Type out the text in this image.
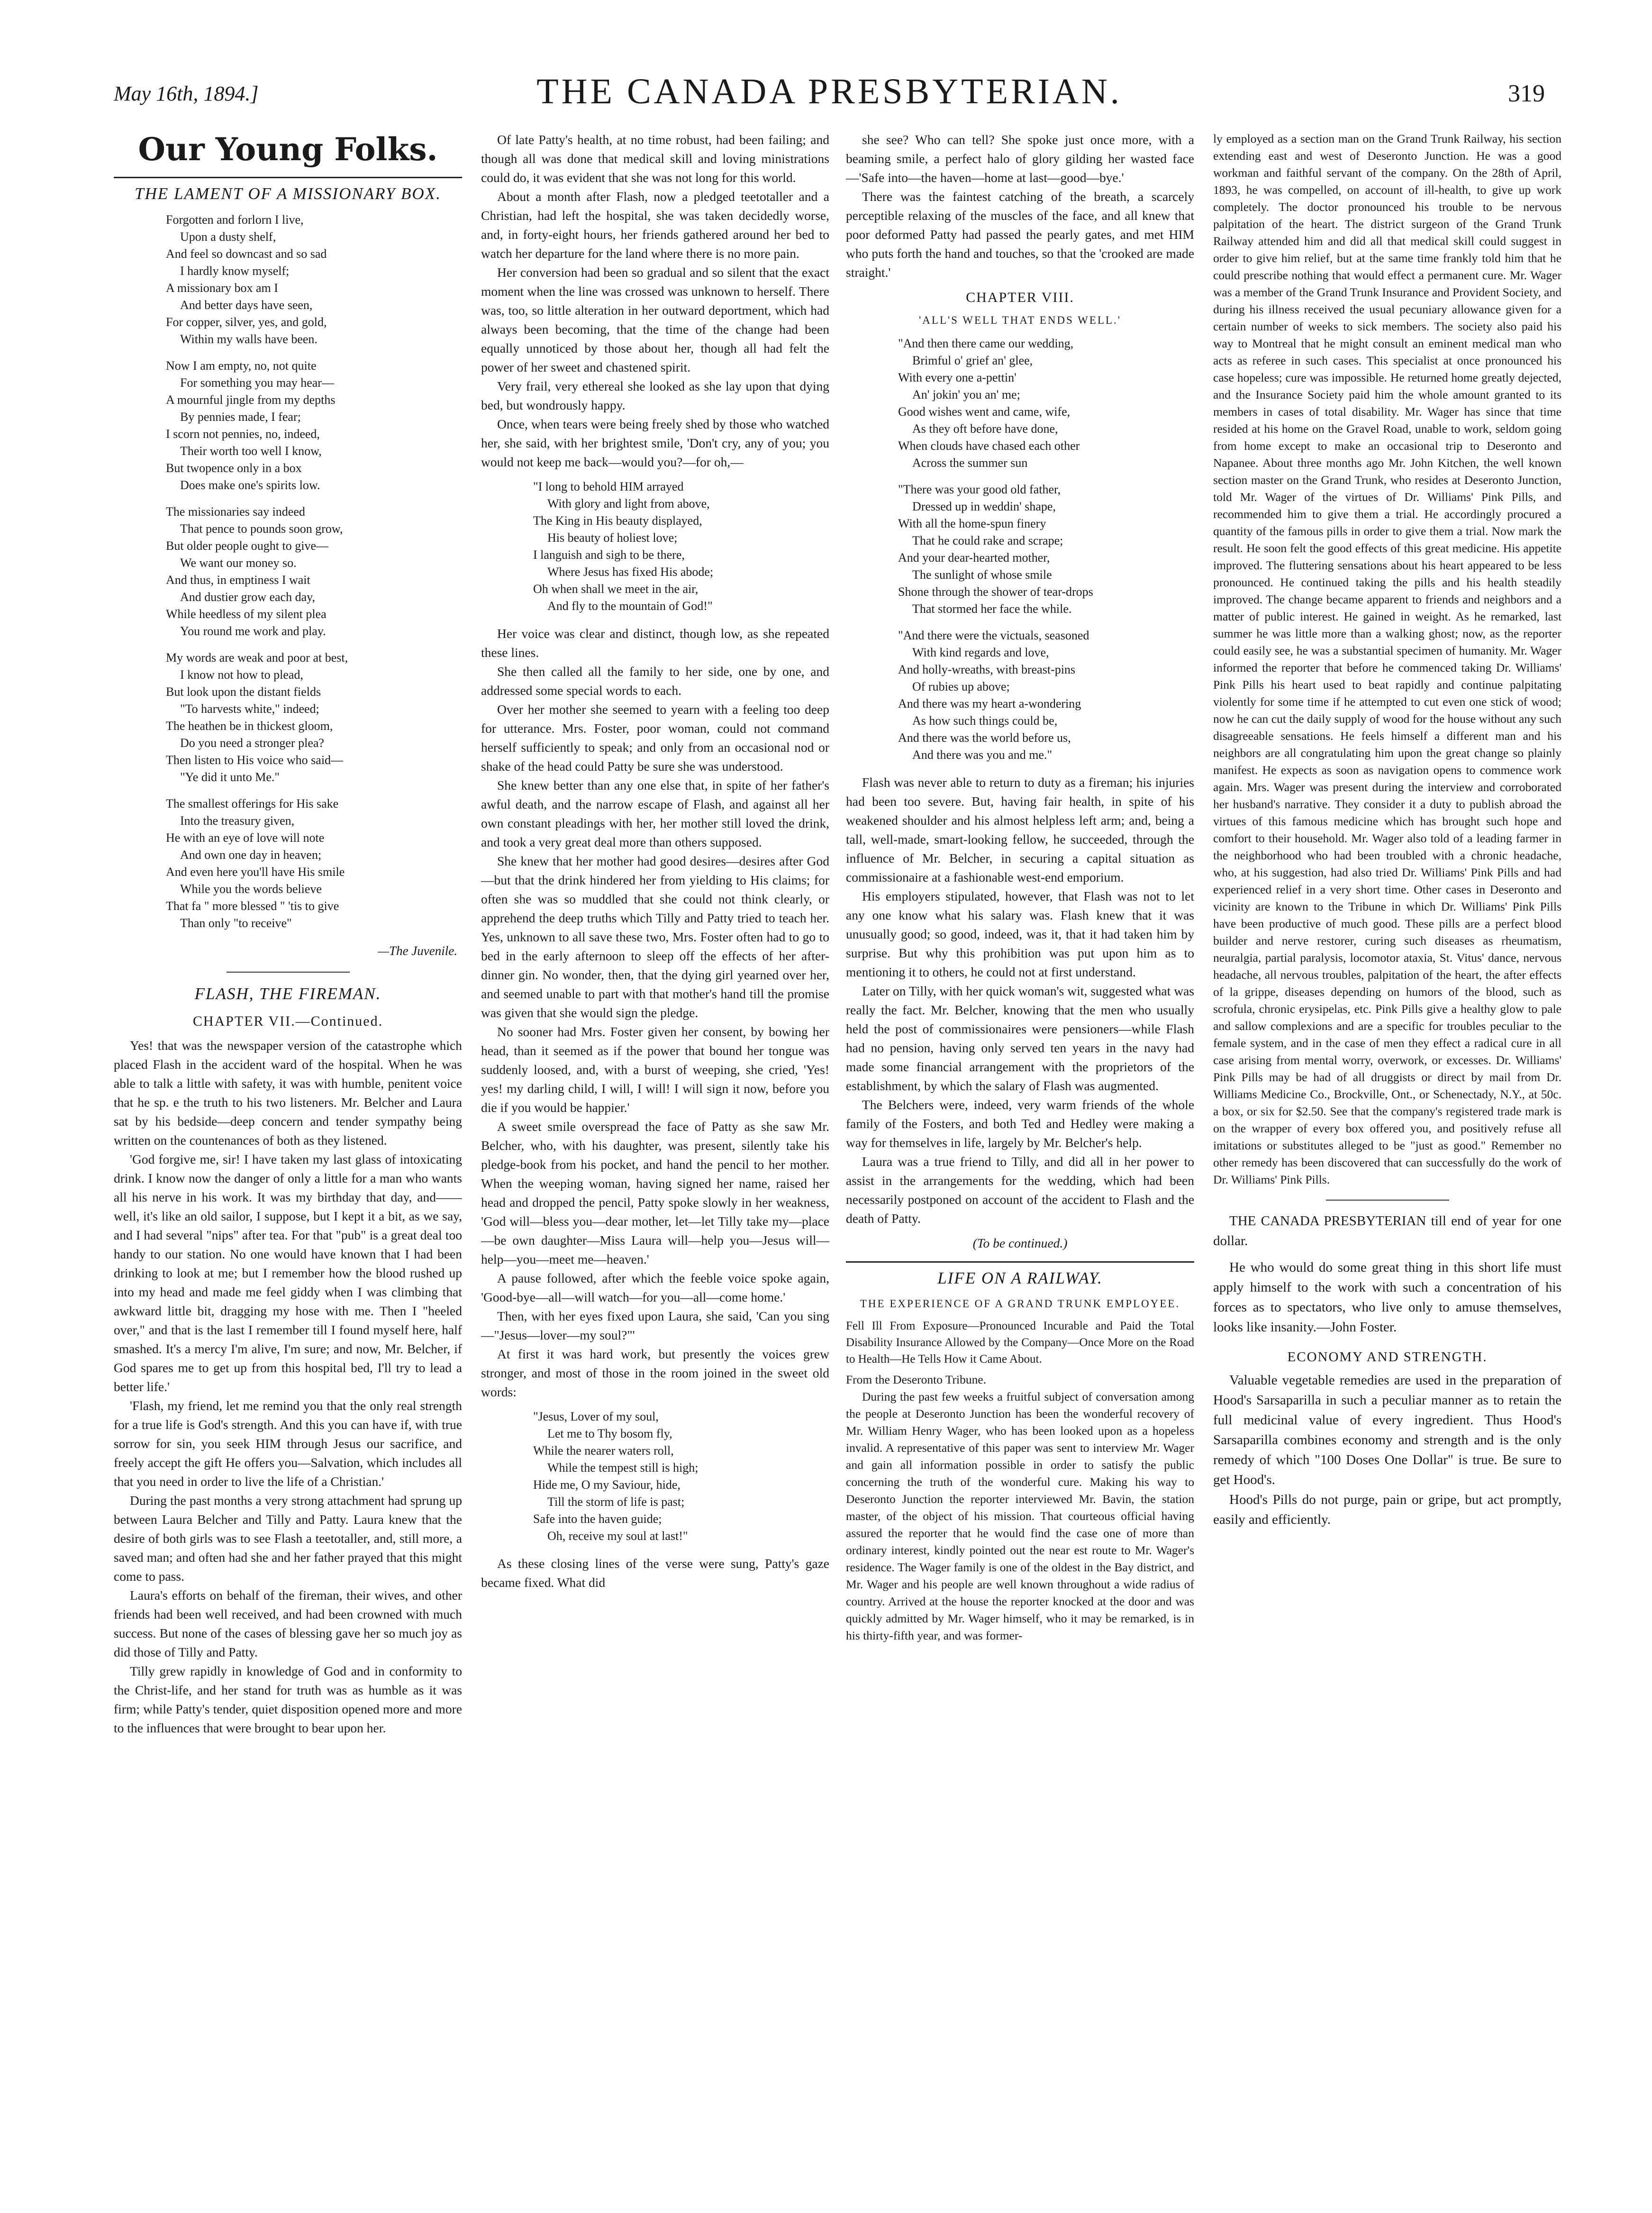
May 16th, 1894.]	THE CANADA PRESBYTERIAN.	319
Our Young Folks.
THE LAMENT OF A MISSIONARY BOX.
Forgotten and forlorn I live,
Upon a dusty shelf,
And feel so downcast and so sad
I hardly know myself;
A missionary box am I
And better days have seen,
For copper, silver, yes, and gold,
Within my walls have been.
Now I am empty, no, not quite
For something you may hear—
A mournful jingle from my depths
By pennies made, I fear;
I scorn not pennies, no, indeed,
Their worth too well I know,
But twopence only in a box
Does make one's spirits low.
The missionaries say indeed
That pence to pounds soon grow,
But older people ought to give—
We want our money so.
And thus, in emptiness I wait
And dustier grow each day,
While heedless of my silent plea
You round me work and play.
My words are weak and poor at best,
I know not how to plead,
But look upon the distant fields
"To harvests white," indeed;
The heathen be in thickest gloom,
Do you need a stronger plea?
Then listen to His voice who said—
"Ye did it unto Me."
The smallest offerings for His sake
Into the treasury given,
He with an eye of love will note
And own one day in heaven;
And even here you'll have His smile
While you the words believe
That fa " more blessed " 'tis to give
Than only "to receive"
—The Juvenile.
FLASH, THE FIREMAN.
CHAPTER VII.—Continued.

Yes! that was the newspaper version of the catastrophe which placed Flash in the accident ward of the hospital. When he was able to talk a little with safety, it was with humble, penitent voice that he sp. e the truth to his two listeners. Mr. Belcher and Laura sat by his bedside—deep concern and tender sympathy being written on the countenances of both as they listened.

'God forgive me, sir! I have taken my last glass of intoxicating drink. I know now the danger of only a little for a man who wants all his nerve in his work. It was my birthday that day, and——well, it's like an old sailor, I suppose, but I kept it a bit, as we say, and I had several "nips" after tea. For that "pub" is a great deal too handy to our station. No one would have known that I had been drinking to look at me; but I remember how the blood rushed up into my head and made me feel giddy when I was climbing that awkward little bit, dragging my hose with me. Then I "heeled over," and that is the last I remember till I found myself here, half smashed. It's a mercy I'm alive, I'm sure; and now, Mr. Belcher, if God spares me to get up from this hospital bed, I'll try to lead a better life.'

'Flash, my friend, let me remind you that the only real strength for a true life is God's strength. And this you can have if, with true sorrow for sin, you seek HIM through Jesus our sacrifice, and freely accept the gift He offers you—Salvation, which includes all that you need in order to live the life of a Christian.'

During the past months a very strong attachment had sprung up between Laura Belcher and Tilly and Patty. Laura knew that the desire of both girls was to see Flash a teetotaller, and, still more, a saved man; and often had she and her father prayed that this might come to pass.

Laura's efforts on behalf of the fireman, their wives, and other friends had been well received, and had been crowned with much success. But none of the cases of blessing gave her so much joy as did those of Tilly and Patty.

Tilly grew rapidly in knowledge of God and in conformity to the Christ-life, and her stand for truth was as humble as it was firm; while Patty's tender, quiet disposition opened more and more to the influences that were brought to bear upon her.

Of late Patty's health, at no time robust, had been failing; and though all was done that medical skill and loving ministrations could do, it was evident that she was not long for this world.

About a month after Flash, now a pledged teetotaller and a Christian, had left the hospital, she was taken decidedly worse, and, in forty-eight hours, her friends gathered around her bed to watch her departure for the land where there is no more pain.

Her conversion had been so gradual and so silent that the exact moment when the line was crossed was unknown to herself. There was, too, so little alteration in her outward deportment, which had always been becoming, that the time of the change had been equally unnoticed by those about her, though all had felt the power of her sweet and chastened spirit.

Very frail, very ethereal she looked as she lay upon that dying bed, but wondrously happy.

Once, when tears were being freely shed by those who watched her, she said, with her brightest smile, 'Don't cry, any of you; you would not keep me back—would you?—for oh,—

"I long to behold HIM arrayed
With glory and light from above,
The King in His beauty displayed,
His beauty of holiest love;
I languish and sigh to be there,
Where Jesus has fixed His abode;
Oh when shall we meet in the air,
And fly to the mountain of God!"

Her voice was clear and distinct, though low, as she repeated these lines.

She then called all the family to her side, one by one, and addressed some special words to each.

Over her mother she seemed to yearn with a feeling too deep for utterance. Mrs. Foster, poor woman, could not command herself sufficiently to speak; and only from an occasional nod or shake of the head could Patty be sure she was understood.

She knew better than any one else that, in spite of her father's awful death, and the narrow escape of Flash, and against all her own constant pleadings with her, her mother still loved the drink, and took a very great deal more than others supposed.

She knew that her mother had good desires—desires after God—but that the drink hindered her from yielding to His claims; for often she was so muddled that she could not think clearly, or apprehend the deep truths which Tilly and Patty tried to teach her. Yes, unknown to all save these two, Mrs. Foster often had to go to bed in the early afternoon to sleep off the effects of her after-dinner gin. No wonder, then, that the dying girl yearned over her, and seemed unable to part with that mother's hand till the promise was given that she would sign the pledge.

No sooner had Mrs. Foster given her consent, by bowing her head, than it seemed as if the power that bound her tongue was suddenly loosed, and, with a burst of weeping, she cried, 'Yes! yes! my darling child, I will, I will! I will sign it now, before you die if you would be happier.'

A sweet smile overspread the face of Patty as she saw Mr. Belcher, who, with his daughter, was present, silently take his pledge-book from his pocket, and hand the pencil to her mother. When the weeping woman, having signed her name, raised her head and dropped the pencil, Patty spoke slowly in her weakness, 'God will—bless you—dear mother, let—let Tilly take my—place—be own daughter—Miss Laura will—help you—Jesus will—help—you—meet me—heaven.'

A pause followed, after which the feeble voice spoke again, 'Good-bye—all—will watch—for you—all—come home.'

Then, with her eyes fixed upon Laura, she said, 'Can you sing—"Jesus—lover—my soul?"'

At first it was hard work, but presently the voices grew stronger, and most of those in the room joined in the sweet old words:

"Jesus, Lover of my soul,
Let me to Thy bosom fly,
While the nearer waters roll,
While the tempest still is high;
Hide me, O my Saviour, hide,
Till the storm of life is past;
Safe into the haven guide;
Oh, receive my soul at last!"

As these closing lines of the verse were sung, Patty's gaze became fixed. What did

she see? Who can tell? She spoke just once more, with a beaming smile, a perfect halo of glory gilding her wasted face—'Safe into—the haven—home at last—good—bye.'

There was the faintest catching of the breath, a scarcely perceptible relaxing of the muscles of the face, and all knew that poor deformed Patty had passed the pearly gates, and met HIM who puts forth the hand and touches, so that the 'crooked are made straight.'

CHAPTER VIII.
'ALL'S WELL THAT ENDS WELL.'
"And then there came our wedding,
Brimful o' grief an' glee,
With every one a-pettin'
An' jokin' you an' me;
Good wishes went and came, wife,
As they oft before have done,
When clouds have chased each other
Across the summer sun
"There was your good old father,
Dressed up in weddin' shape,
With all the home-spun finery
That he could rake and scrape;
And your dear-hearted mother,
The sunlight of whose smile
Shone through the shower of tear-drops
That stormed her face the while.
"And there were the victuals, seasoned
With kind regards and love,
And holly-wreaths, with breast-pins
Of rubies up above;
And there was my heart a-wondering
As how such things could be,
And there was the world before us,
And there was you and me."

Flash was never able to return to duty as a fireman; his injuries had been too severe. But, having fair health, in spite of his weakened shoulder and his almost helpless left arm; and, being a tall, well-made, smart-looking fellow, he succeeded, through the influence of Mr. Belcher, in securing a capital situation as commissionaire at a fashionable west-end emporium.

His employers stipulated, however, that Flash was not to let any one know what his salary was. Flash knew that it was unusually good; so good, indeed, was it, that it had taken him by surprise. But why this prohibition was put upon him as to mentioning it to others, he could not at first understand.

Later on Tilly, with her quick woman's wit, suggested what was really the fact. Mr. Belcher, knowing that the men who usually held the post of commissionaires were pensioners—while Flash had no pension, having only served ten years in the navy had made some financial arrangement with the proprietors of the establishment, by which the salary of Flash was augmented.

The Belchers were, indeed, very warm friends of the whole family of the Fosters, and both Ted and Hedley were making a way for themselves in life, largely by Mr. Belcher's help.

Laura was a true friend to Tilly, and did all in her power to assist in the arrangements for the wedding, which had been necessarily postponed on account of the accident to Flash and the death of Patty.

(To be continued.)
LIFE ON A RAILWAY.
THE EXPERIENCE OF A GRAND TRUNK EMPLOYEE.
Fell Ill From Exposure—Pronounced Incurable and Paid the Total Disability Insurance Allowed by the Company—Once More on the Road to Health—He Tells How it Came About.

From the Deseronto Tribune.

During the past few weeks a fruitful subject of conversation among the people at Deseronto Junction has been the wonderful recovery of Mr. William Henry Wager, who has been looked upon as a hopeless invalid. A representative of this paper was sent to interview Mr. Wager and gain all information possible in order to satisfy the public concerning the truth of the wonderful cure. Making his way to Deseronto Junction the reporter interviewed Mr. Bavin, the station master, of the object of his mission. That courteous official having assured the reporter that he would find the case one of more than ordinary interest, kindly pointed out the near est route to Mr. Wager's residence. The Wager family is one of the oldest in the Bay district, and Mr. Wager and his people are well known throughout a wide radius of country. Arrived at the house the reporter knocked at the door and was quickly admitted by Mr. Wager himself, who it may be remarked, is in his thirty-fifth year, and was former-

ly employed as a section man on the Grand Trunk Railway, his section extending east and west of Deseronto Junction. He was a good workman and faithful servant of the company. On the 28th of April, 1893, he was compelled, on account of ill-health, to give up work completely. The doctor pronounced his trouble to be nervous palpitation of the heart. The district surgeon of the Grand Trunk Railway attended him and did all that medical skill could suggest in order to give him relief, but at the same time frankly told him that he could prescribe nothing that would effect a permanent cure. Mr. Wager was a member of the Grand Trunk Insurance and Provident Society, and during his illness received the usual pecuniary allowance given for a certain number of weeks to sick members. The society also paid his way to Montreal that he might consult an eminent medical man who acts as referee in such cases. This specialist at once pronounced his case hopeless; cure was impossible. He returned home greatly dejected, and the Insurance Society paid him the whole amount granted to its members in cases of total disability. Mr. Wager has since that time resided at his home on the Gravel Road, unable to work, seldom going from home except to make an occasional trip to Deseronto and Napanee. About three months ago Mr. John Kitchen, the well known section master on the Grand Trunk, who resides at Deseronto Junction, told Mr. Wager of the virtues of Dr. Williams' Pink Pills, and recommended him to give them a trial. He accordingly procured a quantity of the famous pills in order to give them a trial. Now mark the result. He soon felt the good effects of this great medicine. His appetite improved. The fluttering sensations about his heart appeared to be less pronounced. He continued taking the pills and his health steadily improved. The change became apparent to friends and neighbors and a matter of public interest. He gained in weight. As he remarked, last summer he was little more than a walking ghost; now, as the reporter could easily see, he was a substantial specimen of humanity. Mr. Wager informed the reporter that before he commenced taking Dr. Williams' Pink Pills his heart used to beat rapidly and continue palpitating violently for some time if he attempted to cut even one stick of wood; now he can cut the daily supply of wood for the house without any such disagreeable sensations. He feels himself a different man and his neighbors are all congratulating him upon the great change so plainly manifest. He expects as soon as navigation opens to commence work again. Mrs. Wager was present during the interview and corroborated her husband's narrative. They consider it a duty to publish abroad the virtues of this famous medicine which has brought such hope and comfort to their household. Mr. Wager also told of a leading farmer in the neighborhood who had been troubled with a chronic headache, who, at his suggestion, had also tried Dr. Williams' Pink Pills and had experienced relief in a very short time. Other cases in Deseronto and vicinity are known to the Tribune in which Dr. Williams' Pink Pills have been productive of much good. These pills are a perfect blood builder and nerve restorer, curing such diseases as rheumatism, neuralgia, partial paralysis, locomotor ataxia, St. Vitus' dance, nervous headache, all nervous troubles, palpitation of the heart, the after effects of la grippe, diseases depending on humors of the blood, such as scrofula, chronic erysipelas, etc. Pink Pills give a healthy glow to pale and sallow complexions and are a specific for troubles peculiar to the female system, and in the case of men they effect a radical cure in all case arising from mental worry, overwork, or excesses. Dr. Williams' Pink Pills may be had of all druggists or direct by mail from Dr. Williams Medicine Co., Brockville, Ont., or Schenectady, N.Y., at 50c. a box, or six for $2.50. See that the company's registered trade mark is on the wrapper of every box offered you, and positively refuse all imitations or substitutes alleged to be "just as good." Remember no other remedy has been discovered that can successfully do the work of Dr. Williams' Pink Pills.

THE CANADA PRESBYTERIAN till end of year for one dollar.

He who would do some great thing in this short life must apply himself to the work with such a concentration of his forces as to spectators, who live only to amuse themselves, looks like insanity.—John Foster.

ECONOMY AND STRENGTH.

Valuable vegetable remedies are used in the preparation of Hood's Sarsaparilla in such a peculiar manner as to retain the full medicinal value of every ingredient. Thus Hood's Sarsaparilla combines economy and strength and is the only remedy of which "100 Doses One Dollar" is true. Be sure to get Hood's.

Hood's Pills do not purge, pain or gripe, but act promptly, easily and efficiently.
